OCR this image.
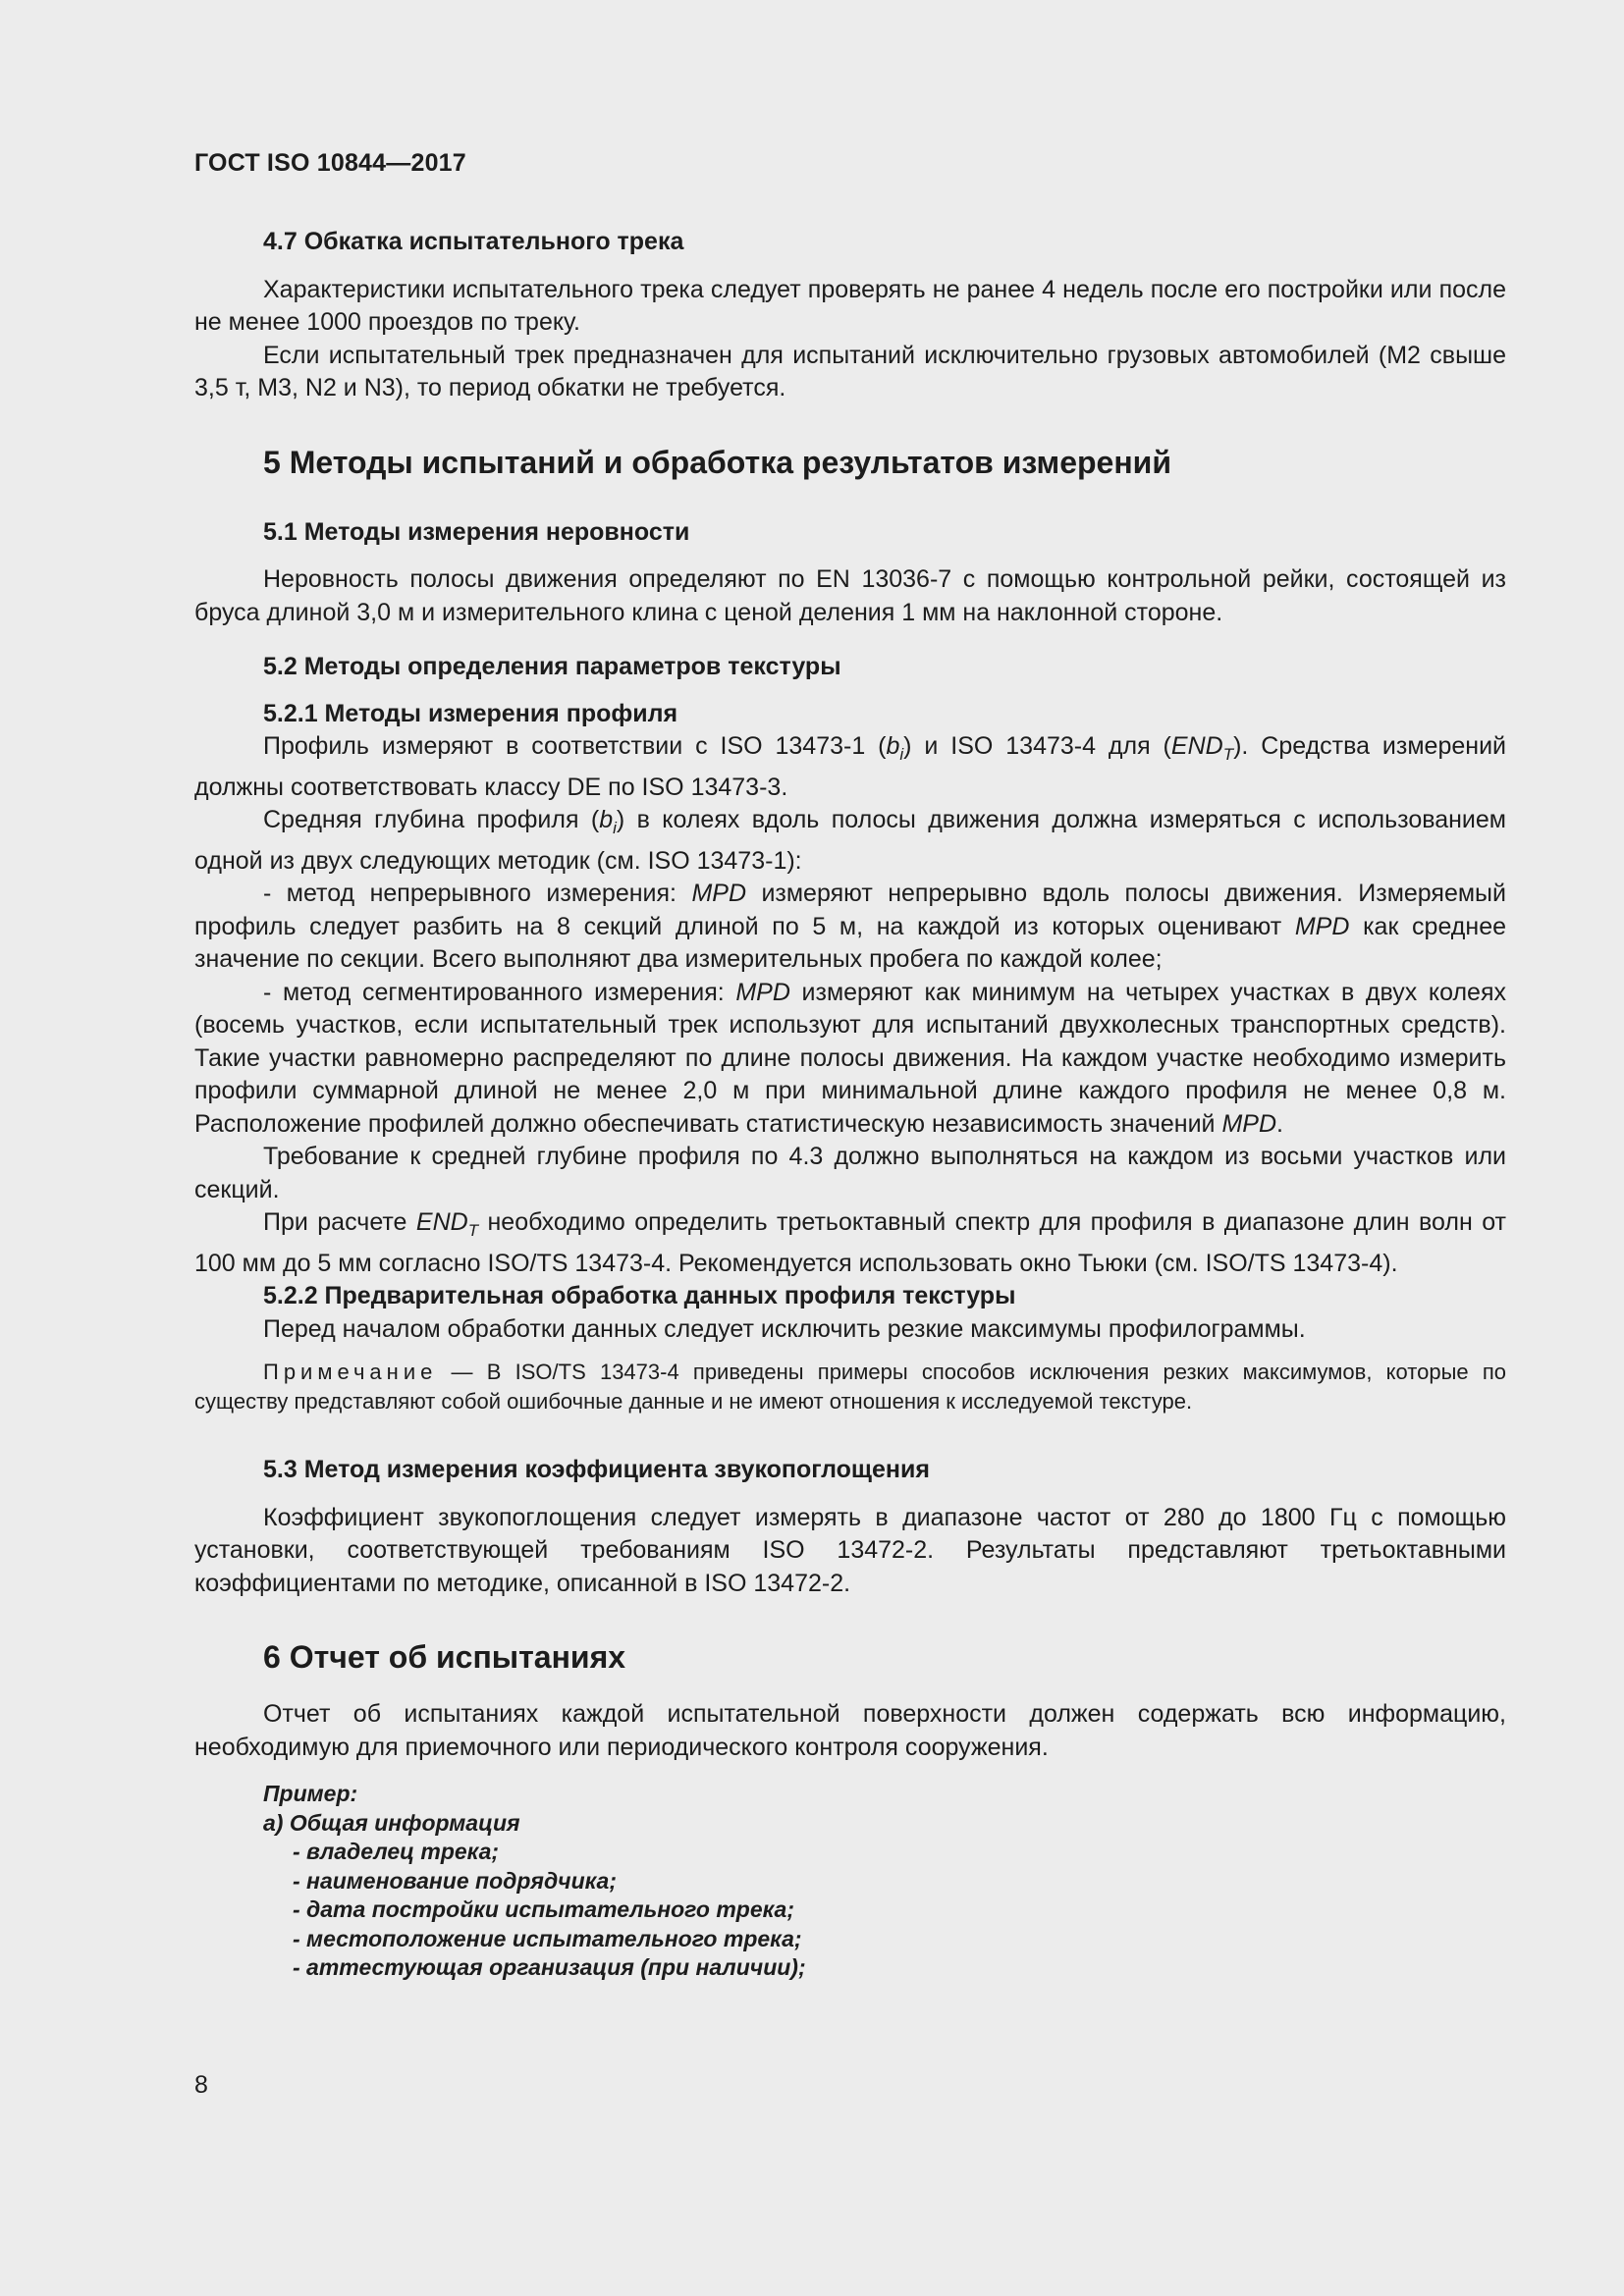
ГОСТ ISO 10844—2017
4.7 Обкатка испытательного трека

Характеристики испытательного трека следует проверять не ранее 4 недель после его постройки или после не менее 1000 проездов по треку.

Если испытательный трек предназначен для испытаний исключительно грузовых автомобилей (М2 свыше 3,5 т, М3, N2 и N3), то период обкатки не требуется.

5 Методы испытаний и обработка результатов измерений
5.1 Методы измерения неровности

Неровность полосы движения определяют по EN 13036-7 с помощью контрольной рейки, состоящей из бруса длиной 3,0 м и измерительного клина с ценой деления 1 мм на наклонной стороне.

5.2 Методы определения параметров текстуры
5.2.1 Методы измерения профиля

Профиль измеряют в соответствии с ISO 13473-1 $(b_i)$ и ISO 13473-4 для $(END_T)$. Средства измерений должны соответствовать классу DE по ISO 13473-3.

Средняя глубина профиля $(b_i)$ в колеях вдоль полосы движения должна измеряться с использованием одной из двух следующих методик (см. ISO 13473-1):

- метод непрерывного измерения: MPD измеряют непрерывно вдоль полосы движения. Измеряемый профиль следует разбить на 8 секций длиной по 5 м, на каждой из которых оценивают MPD как среднее значение по секции. Всего выполняют два измерительных пробега по каждой колее;

- метод сегментированного измерения: MPD измеряют как минимум на четырех участках в двух колеях (восемь участков, если испытательный трек используют для испытаний двухколесных транспортных средств). Такие участки равномерно распределяют по длине полосы движения. На каждом участке необходимо измерить профили суммарной длиной не менее 2,0 м при минимальной длине каждого профиля не менее 0,8 м. Расположение профилей должно обеспечивать статистическую независимость значений MPD.

Требование к средней глубине профиля по 4.3 должно выполняться на каждом из восьми участков или секций.

При расчете $END_T$ необходимо определить третьоктавный спектр для профиля в диапазоне длин волн от 100 мм до 5 мм согласно ISO/TS 13473-4. Рекомендуется использовать окно Тьюки (см. ISO/TS 13473-4).

5.2.2 Предварительная обработка данных профиля текстуры

Перед началом обработки данных следует исключить резкие максимумы профилограммы.

Примечание — В ISO/TS 13473-4 приведены примеры способов исключения резких максимумов, которые по существу представляют собой ошибочные данные и не имеют отношения к исследуемой текстуре.

5.3 Метод измерения коэффициента звукопоглощения

Коэффициент звукопоглощения следует измерять в диапазоне частот от 280 до 1800 Гц с помощью установки, соответствующей требованиям ISO 13472-2. Результаты представляют третьоктавными коэффициентами по методике, описанной в ISO 13472-2.

6 Отчет об испытаниях

Отчет об испытаниях каждой испытательной поверхности должен содержать всю информацию, необходимую для приемочного или периодического контроля сооружения.

Пример:
а) Общая информация
- владелец трека;
- наименование подрядчика;
- дата постройки испытательного трека;
- местоположение испытательного трека;
- аттестующая организация (при наличии);
8
